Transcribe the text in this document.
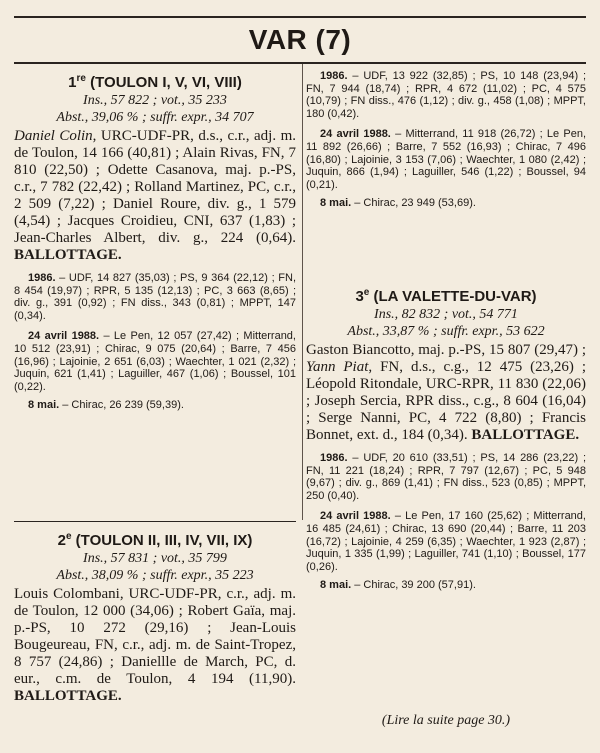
VAR (7)
1re (TOULON I, V, VI, VIII)
Ins., 57 822 ; vot., 35 233
Abst., 39,06 % ; suffr. expr., 34 707
Daniel Colin, URC-UDF-PR, d.s., c.r., adj. m. de Toulon, 14 166 (40,81) ; Alain Rivas, FN, 7 810 (22,50) ; Odette Casanova, maj. p.-PS, c.r., 7 782 (22,42) ; Rolland Martinez, PC, c.r., 2 509 (7,22) ; Daniel Roure, div. g., 1 579 (4,54) ; Jacques Croidieu, CNI, 637 (1,83) ; Jean-Charles Albert, div. g., 224 (0,64). BALLOTTAGE.
1986. – UDF, 14 827 (35,03) ; PS, 9 364 (22,12) ; FN, 8 454 (19,97) ; RPR, 5 135 (12,13) ; PC, 3 663 (8,65) ; div. g., 391 (0,92) ; FN diss., 343 (0,81) ; MPPT, 147 (0,34).
24 avril 1988. – Le Pen, 12 057 (27,42) ; Mitterrand, 10 512 (23,91) ; Chirac, 9 075 (20,64) ; Barre, 7 456 (16,96) ; Lajoinie, 2 651 (6,03) ; Waechter, 1 021 (2,32) ; Juquin, 621 (1,41) ; Laguiller, 467 (1,06) ; Boussel, 101 (0,22).
8 mai. – Chirac, 26 239 (59,39).
2e (TOULON II, III, IV, VII, IX)
Ins., 57 831 ; vot., 35 799
Abst., 38,09 % ; suffr. expr., 35 223
Louis Colombani, URC-UDF-PR, c.r., adj. m. de Toulon, 12 000 (34,06) ; Robert Gaïa, maj. p.-PS, 10 272 (29,16) ; Jean-Louis Bougeureau, FN, c.r., adj. m. de Saint-Tropez, 8 757 (24,86) ; Daniellle de March, PC, d. eur., c.m. de Toulon, 4 194 (11,90). BALLOTTAGE.
1986. – UDF, 13 922 (32,85) ; PS, 10 148 (23,94) ; FN, 7 944 (18,74) ; RPR, 4 672 (11,02) ; PC, 4 575 (10,79) ; FN diss., 476 (1,12) ; div. g., 458 (1,08) ; MPPT, 180 (0,42).
24 avril 1988. – Mitterrand, 11 918 (26,72) ; Le Pen, 11 892 (26,66) ; Barre, 7 552 (16,93) ; Chirac, 7 496 (16,80) ; Lajoinie, 3 153 (7,06) ; Waechter, 1 080 (2,42) ; Juquin, 866 (1,94) ; Laguiller, 546 (1,22) ; Boussel, 94 (0,21).
8 mai. – Chirac, 23 949 (53,69).
3e (LA VALETTE-DU-VAR)
Ins., 82 832 ; vot., 54 771
Abst., 33,87 % ; suffr. expr., 53 622
Gaston Biancotto, maj. p.-PS, 15 807 (29,47) ; Yann Piat, FN, d.s., c.g., 12 475 (23,26) ; Léopold Ritondale, URC-RPR, 11 830 (22,06) ; Joseph Sercia, RPR diss., c.g., 8 604 (16,04) ; Serge Nanni, PC, 4 722 (8,80) ; Francis Bonnet, ext. d., 184 (0,34). BALLOTTAGE.
1986. – UDF, 20 610 (33,51) ; PS, 14 286 (23,22) ; FN, 11 221 (18,24) ; RPR, 7 797 (12,67) ; PC, 5 948 (9,67) ; div. g., 869 (1,41) ; FN diss., 523 (0,85) ; MPPT, 250 (0,40).
24 avril 1988. – Le Pen, 17 160 (25,62) ; Mitterrand, 16 485 (24,61) ; Chirac, 13 690 (20,44) ; Barre, 11 203 (16,72) ; Lajoinie, 4 259 (6,35) ; Waechter, 1 923 (2,87) ; Juquin, 1 335 (1,99) ; Laguiller, 741 (1,10) ; Boussel, 177 (0,26).
8 mai. – Chirac, 39 200 (57,91).
(Lire la suite page 30.)
